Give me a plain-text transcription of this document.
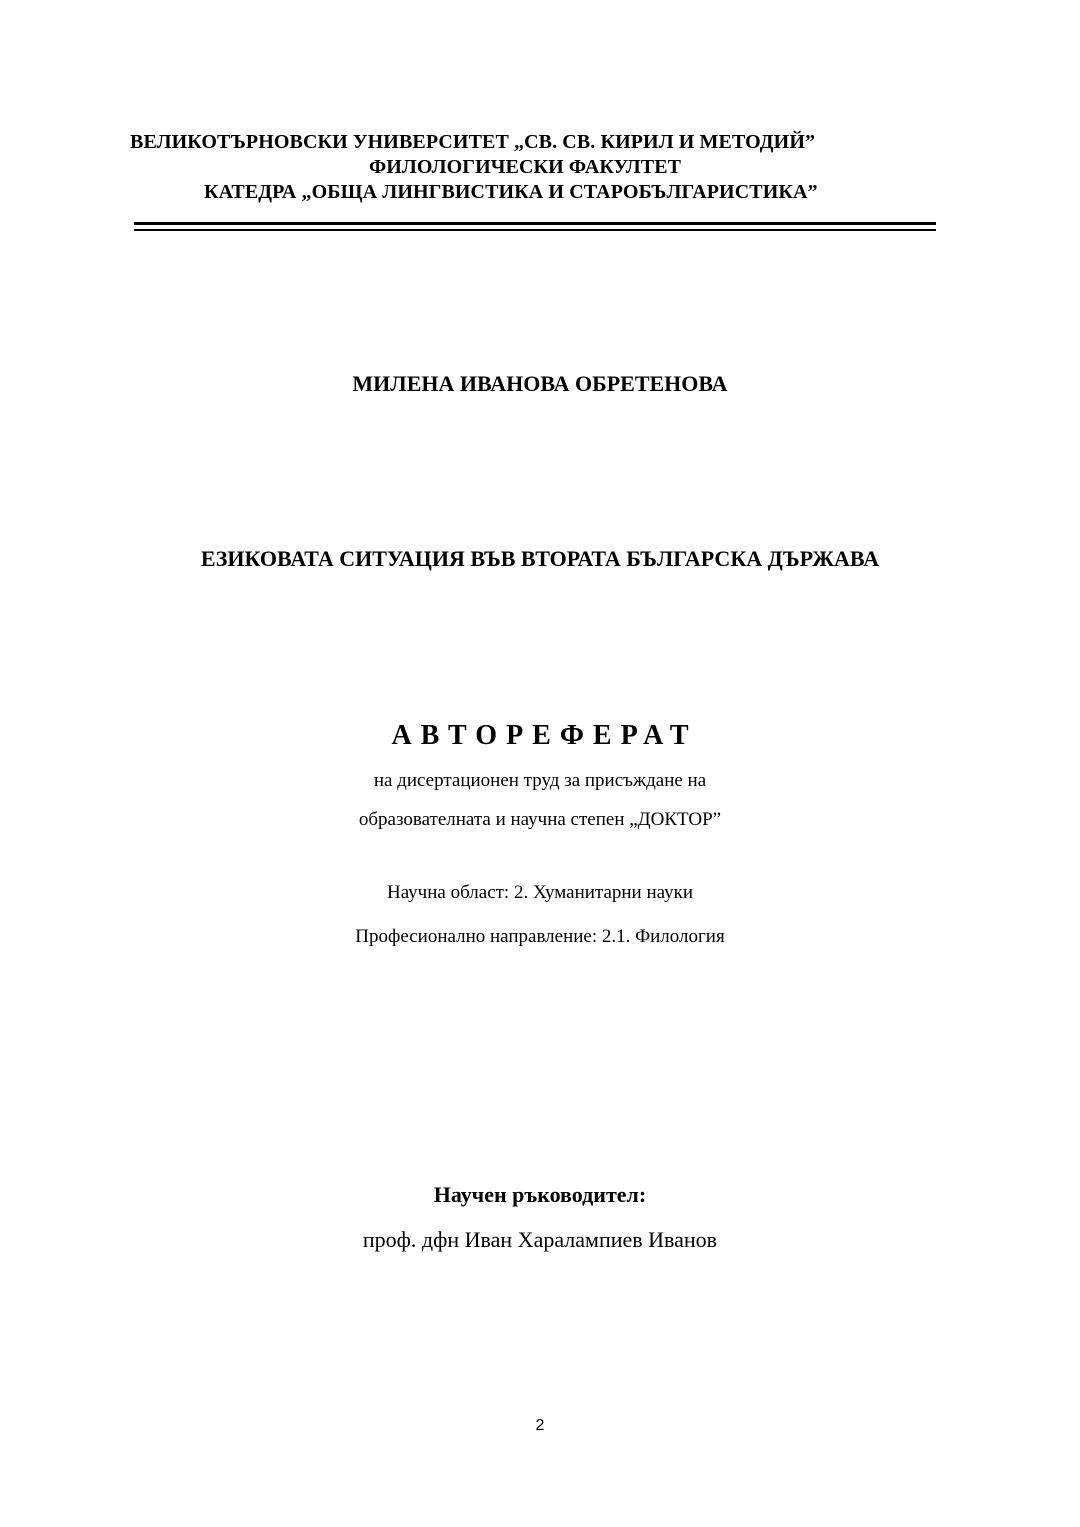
ВЕЛИКОТЪРНОВСКИ УНИВЕРСИТЕТ „СВ. СВ. КИРИЛ И МЕТОДИЙ”
ФИЛОЛОГИЧЕСКИ ФАКУЛТЕТ
КАТЕДРА „ОБЩА ЛИНГВИСТИКА И СТАРОБЪЛГАРИСТИКА”
МИЛЕНА ИВАНОВА ОБРЕТЕНОВА
ЕЗИКОВАТА СИТУАЦИЯ ВЪВ ВТОРАТА БЪЛГАРСКА ДЪРЖАВА
АВТОРЕФЕРАТ
на дисертационен труд за присъждане на
образователната и научна степен „ДОКТОР”
Научна област: 2. Хуманитарни науки
Професионално направление: 2.1. Филология
Научен ръководител:
проф. дфн Иван Харалампиев Иванов
2
